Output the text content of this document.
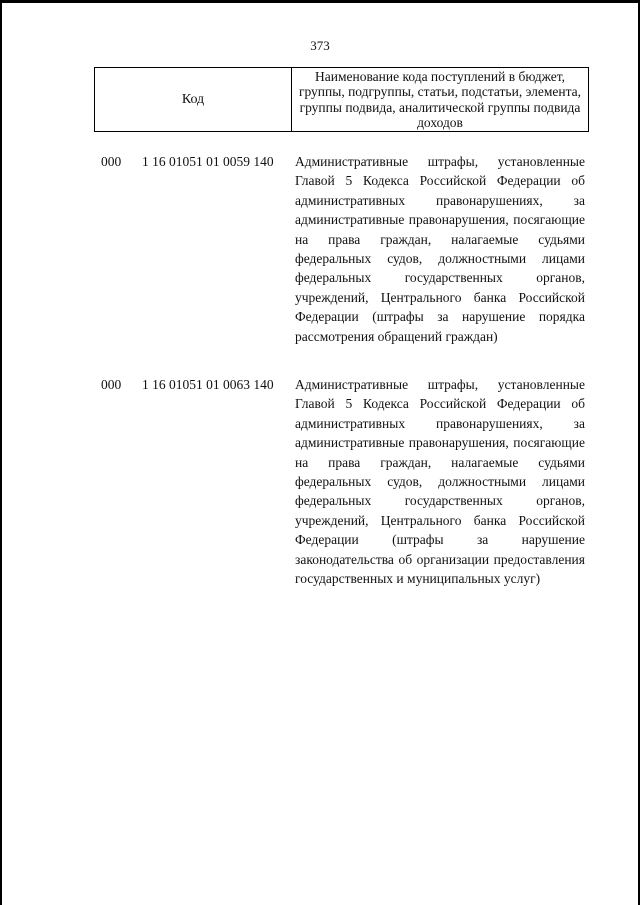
373
Код
Наименование кода поступлений в бюджет, группы, подгруппы, статьи, подстатьи, элемента, группы подвида, аналитической группы подвида доходов
000 1 16 01051 01 0059 140 Административные штрафы, установленные Главой 5 Кодекса Российской Федерации об административных правонарушениях, за административные правонарушения, посягающие на права граждан, налагаемые судьями федеральных судов, должностными лицами федеральных государственных органов, учреждений, Центрального банка Российской Федерации (штрафы за нарушение порядка рассмотрения обращений граждан)

000 1 16 01051 01 0063 140 Административные штрафы, установленные Главой 5 Кодекса Российской Федерации об административных правонарушениях, за административные правонарушения, посягающие на права граждан, налагаемые судьями федеральных судов, должностными лицами федеральных государственных органов, учреждений, Центрального банка Российской Федерации (штрафы за нарушение законодательства об организации предоставления государственных и муниципальных услуг)
